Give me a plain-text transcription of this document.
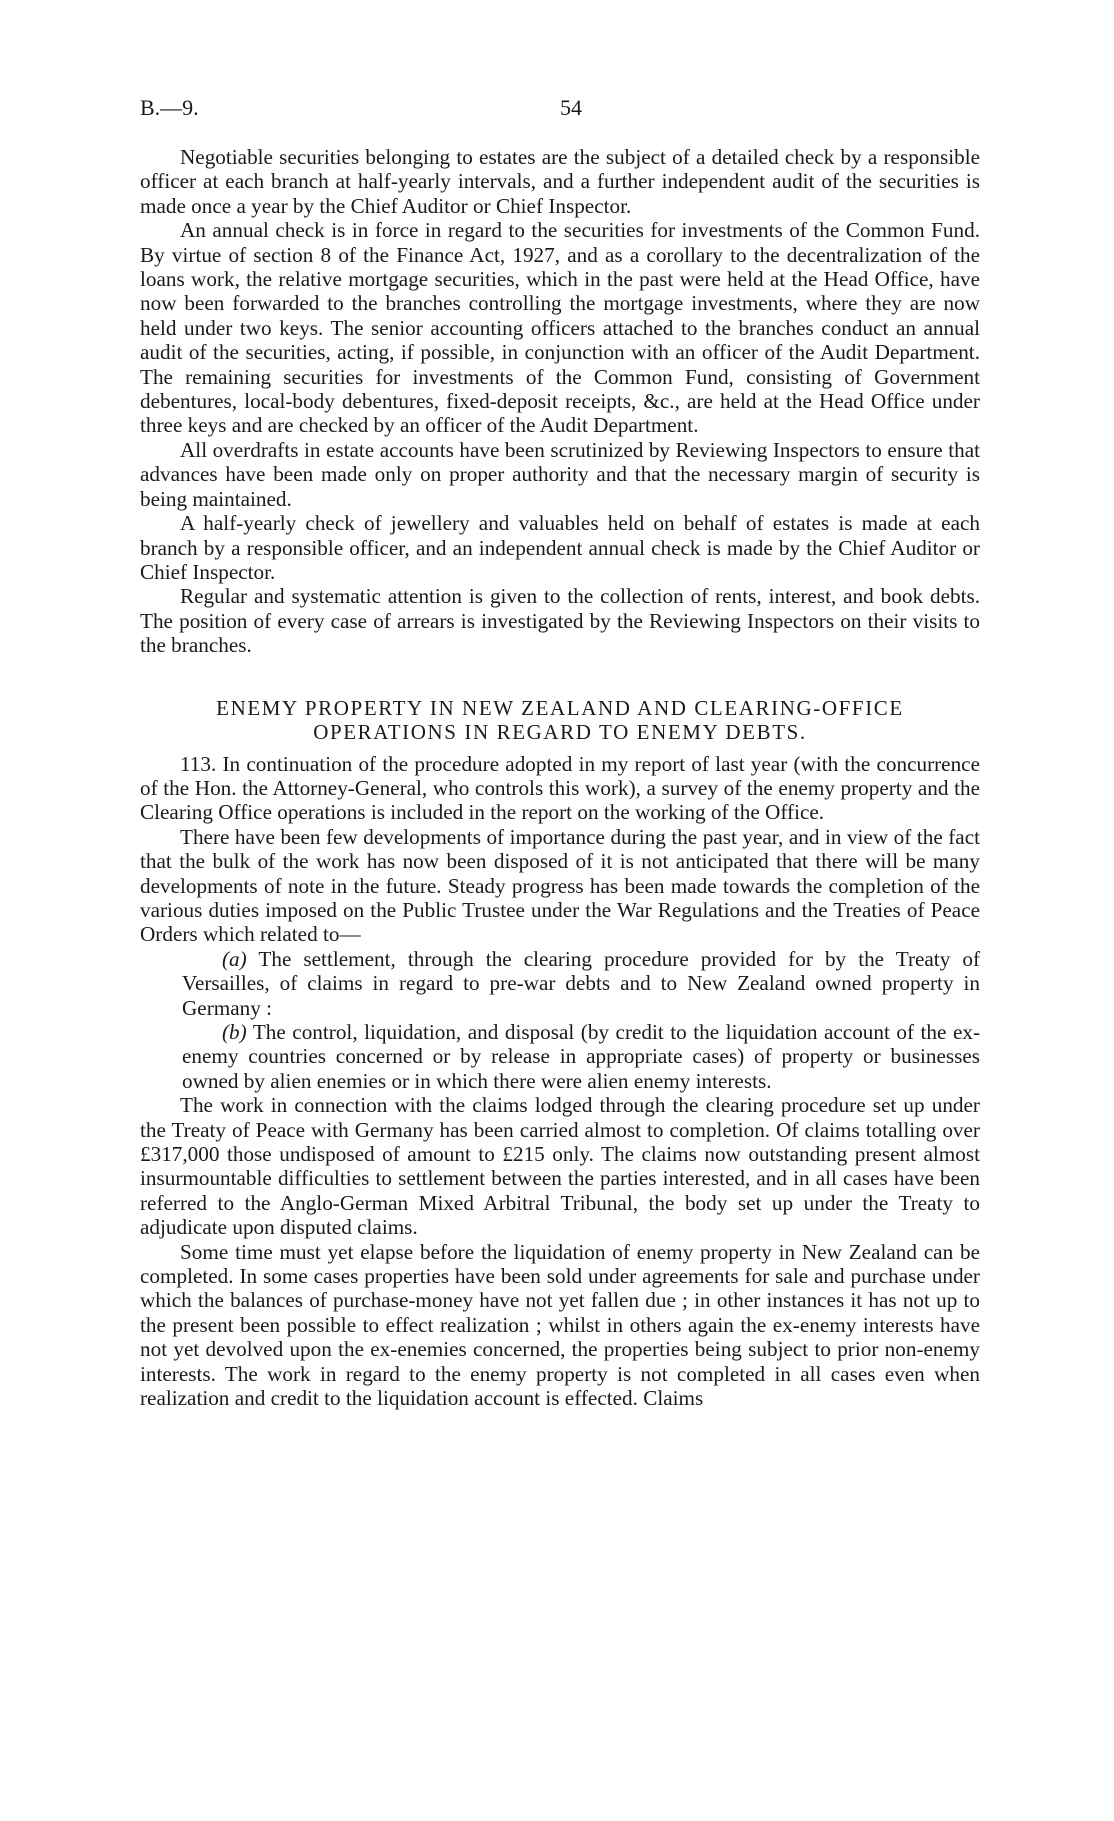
B.—9.	54

Negotiable securities belonging to estates are the subject of a detailed check by a responsible officer at each branch at half-yearly intervals, and a further independent audit of the securities is made once a year by the Chief Auditor or Chief Inspector.

An annual check is in force in regard to the securities for investments of the Common Fund. By virtue of section 8 of the Finance Act, 1927, and as a corollary to the decentralization of the loans work, the relative mortgage securities, which in the past were held at the Head Office, have now been forwarded to the branches controlling the mortgage investments, where they are now held under two keys. The senior accounting officers attached to the branches conduct an annual audit of the securities, acting, if possible, in conjunction with an officer of the Audit Department. The remaining securities for investments of the Common Fund, consisting of Government debentures, local-body debentures, fixed-deposit receipts, &c., are held at the Head Office under three keys and are checked by an officer of the Audit Department.

All overdrafts in estate accounts have been scrutinized by Reviewing Inspectors to ensure that advances have been made only on proper authority and that the necessary margin of security is being maintained.

A half-yearly check of jewellery and valuables held on behalf of estates is made at each branch by a responsible officer, and an independent annual check is made by the Chief Auditor or Chief Inspector.

Regular and systematic attention is given to the collection of rents, interest, and book debts. The position of every case of arrears is investigated by the Reviewing Inspectors on their visits to the branches.

ENEMY PROPERTY IN NEW ZEALAND AND CLEARING-OFFICE
OPERATIONS IN REGARD TO ENEMY DEBTS.

113. In continuation of the procedure adopted in my report of last year (with the concurrence of the Hon. the Attorney-General, who controls this work), a survey of the enemy property and the Clearing Office operations is included in the report on the working of the Office.

There have been few developments of importance during the past year, and in view of the fact that the bulk of the work has now been disposed of it is not anticipated that there will be many developments of note in the future. Steady progress has been made towards the completion of the various duties imposed on the Public Trustee under the War Regulations and the Treaties of Peace Orders which related to—

(a) The settlement, through the clearing procedure provided for by the Treaty of Versailles, of claims in regard to pre-war debts and to New Zealand owned property in Germany :

(b) The control, liquidation, and disposal (by credit to the liquidation account of the ex-enemy countries concerned or by release in appropriate cases) of property or businesses owned by alien enemies or in which there were alien enemy interests.

The work in connection with the claims lodged through the clearing procedure set up under the Treaty of Peace with Germany has been carried almost to completion. Of claims totalling over £317,000 those undisposed of amount to £215 only. The claims now outstanding present almost insurmountable difficulties to settlement between the parties interested, and in all cases have been referred to the Anglo-German Mixed Arbitral Tribunal, the body set up under the Treaty to adjudicate upon disputed claims.

Some time must yet elapse before the liquidation of enemy property in New Zealand can be completed. In some cases properties have been sold under agreements for sale and purchase under which the balances of purchase-money have not yet fallen due ; in other instances it has not up to the present been possible to effect realization ; whilst in others again the ex-enemy interests have not yet devolved upon the ex-enemies concerned, the properties being subject to prior non-enemy interests. The work in regard to the enemy property is not completed in all cases even when realization and credit to the liquidation account is effected. Claims
